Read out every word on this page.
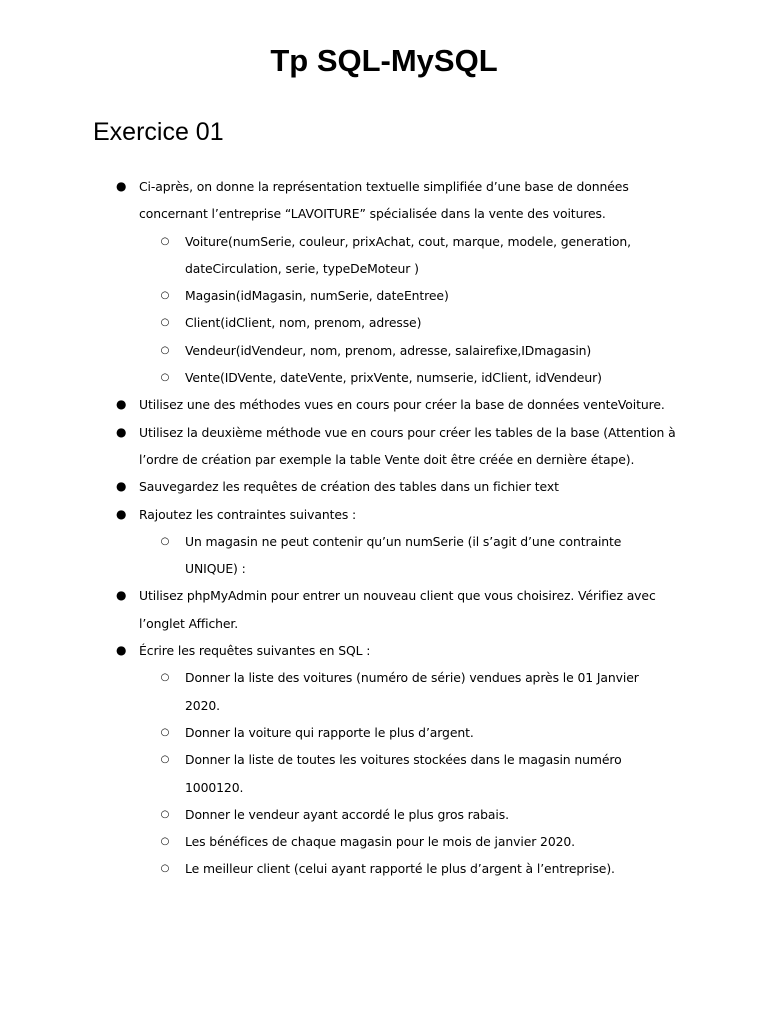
Tp SQL-MySQL
Exercice 01
● Ci-après, on donne la représentation textuelle simplifiée d’une base de données concernant l’entreprise “LAVOITURE” spécialisée dans la vente des voitures.
○ Voiture(numSerie, couleur, prixAchat, cout, marque, modele, generation, dateCirculation, serie, typeDeMoteur )
○ Magasin(idMagasin, numSerie, dateEntree)
○ Client(idClient, nom, prenom, adresse)
○ Vendeur(idVendeur, nom, prenom, adresse, salairefixe,IDmagasin)
○ Vente(IDVente, dateVente, prixVente, numserie, idClient, idVendeur)
● Utilisez une des méthodes vues en cours pour créer la base de données venteVoiture.
● Utilisez la deuxième méthode vue en cours pour créer les tables de la base (Attention à l’ordre de création par exemple la table Vente doit être créée en dernière étape).
● Sauvegardez les requêtes de création des tables dans un fichier text
● Rajoutez les contraintes suivantes :
○ Un magasin ne peut contenir qu’un numSerie (il s’agit d’une contrainte UNIQUE) :
● Utilisez phpMyAdmin pour entrer un nouveau client que vous choisirez. Vérifiez avec l’onglet Afficher.
● Écrire les requêtes suivantes en SQL :
○ Donner la liste des voitures (numéro de série) vendues après le 01 Janvier 2020.
○ Donner la voiture qui rapporte le plus d’argent.
○ Donner la liste de toutes les voitures stockées dans le magasin numéro 1000120.
○ Donner le vendeur ayant accordé le plus gros rabais.
○ Les bénéfices de chaque magasin pour le mois de janvier 2020.
○ Le meilleur client (celui ayant rapporté le plus d’argent à l’entreprise).
